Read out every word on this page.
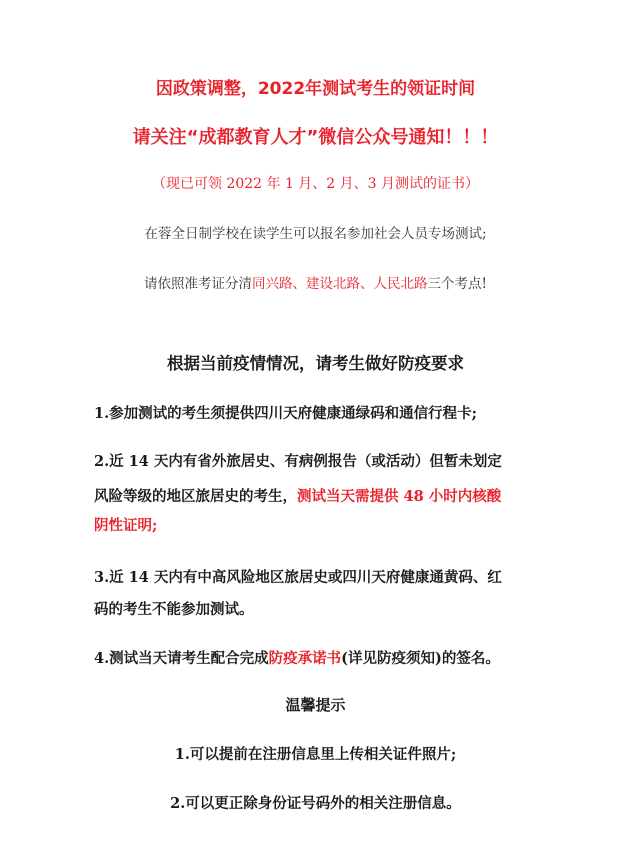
因政策调整，2022年测试考生的领证时间
请关注“成都教育人才”微信公众号通知！！！
（现已可领 2022 年 1 月、2 月、3 月测试的证书）
在蓉全日制学校在读学生可以报名参加社会人员专场测试;
请依照准考证分清同兴路、建设北路、人民北路三个考点!
根据当前疫情情况，请考生做好防疫要求
1.参加测试的考生须提供四川天府健康通绿码和通信行程卡;
2.近 14 天内有省外旅居史、有病例报告（或活动）但暂未划定
风险等级的地区旅居史的考生，测试当天需提供 48 小时内核酸
阴性证明;
3.近 14 天内有中高风险地区旅居史或四川天府健康通黄码、红
码的考生不能参加测试。
4.测试当天请考生配合完成防疫承诺书(详见防疫须知)的签名。
温馨提示
1.可以提前在注册信息里上传相关证件照片;
2.可以更正除身份证号码外的相关注册信息。
